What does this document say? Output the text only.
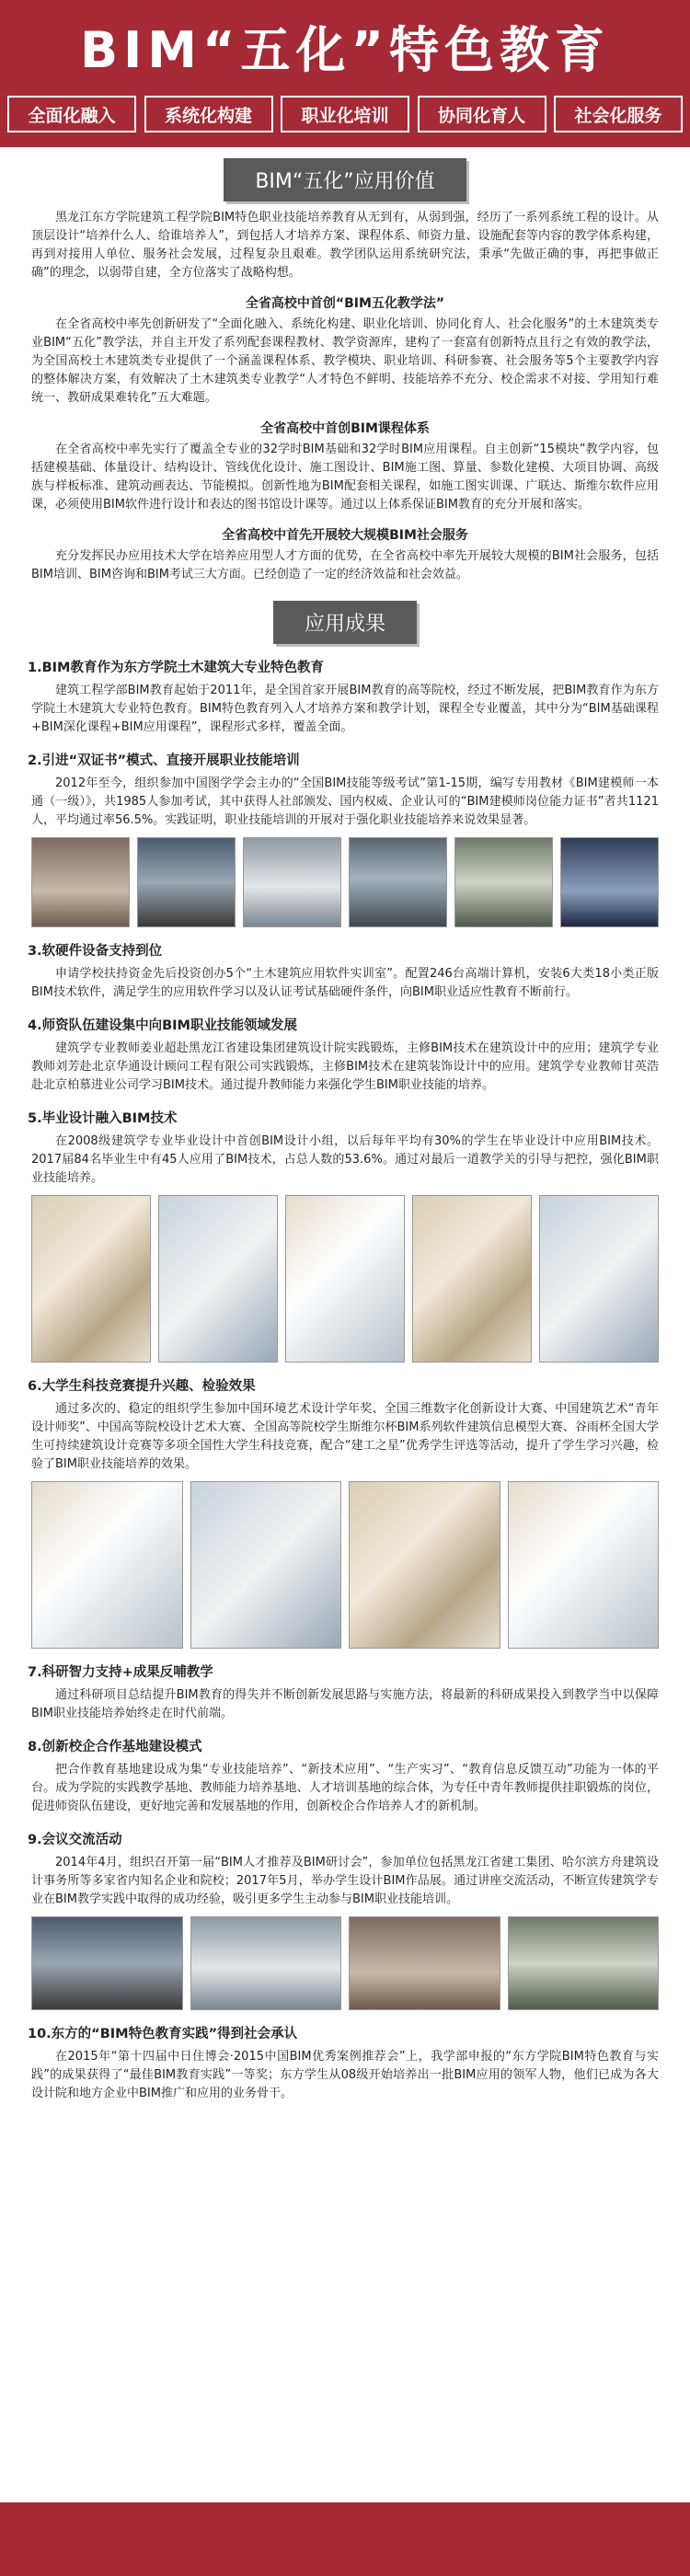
BIM“五化”特色教育
全面化融入	系统化构建	职业化培训	协同化育人	社会化服务
BIM“五化”应用价值

黑龙江东方学院建筑工程学院BIM特色职业技能培养教育从无到有，从弱到强，经历了一系列系统工程的设计。从顶层设计“培养什么人、给谁培养人”，到包括人才培养方案、课程体系、师资力量、设施配套等内容的教学体系构建，再到对接用人单位、服务社会发展，过程复杂且艰难。教学团队运用系统研究法，秉承“先做正确的事，再把事做正确”的理念，以弱带自建，全方位落实了战略构想。

全省高校中首创“BIM五化教学法”

在全省高校中率先创新研发了“全面化融入、系统化构建、职业化培训、协同化育人、社会化服务”的土木建筑类专业BIM“五化”教学法，并自主开发了系列配套课程教材、教学资源库，建构了一套富有创新特点且行之有效的教学法，为全国高校土木建筑类专业提供了一个涵盖课程体系、教学模块、职业培训、科研参赛、社会服务等5个主要教学内容的整体解决方案，有效解决了土木建筑类专业教学“人才特色不鲜明、技能培养不充分、校企需求不对接、学用知行难统一、教研成果难转化”五大难题。

全省高校中首创BIM课程体系

在全省高校中率先实行了覆盖全专业的32学时BIM基础和32学时BIM应用课程。自主创新“15模块”教学内容，包括建模基础、体量设计、结构设计、管线优化设计、施工图设计、BIM施工图、算量、参数化建模、大项目协调、高级族与样板标准、建筑动画表达、节能模拟。创新性地为BIM配套相关课程，如施工图实训课、广联达、斯维尔软件应用课，必须使用BIM软件进行设计和表达的图书馆设计课等。通过以上体系保证BIM教育的充分开展和落实。

全省高校中首先开展较大规模BIM社会服务

充分发挥民办应用技术大学在培养应用型人才方面的优势，在全省高校中率先开展较大规模的BIM社会服务，包括BIM培训、BIM咨询和BIM考试三大方面。已经创造了一定的经济效益和社会效益。

应用成果
1.BIM教育作为东方学院土木建筑大专业特色教育

建筑工程学部BIM教育起始于2011年，是全国首家开展BIM教育的高等院校，经过不断发展，把BIM教育作为东方学院土木建筑大专业特色教育。BIM特色教育列入人才培养方案和教学计划，课程全专业覆盖，其中分为“BIM基础课程+BIM深化课程+BIM应用课程”，课程形式多样，覆盖全面。

2.引进“双证书”模式、直接开展职业技能培训

2012年至今，组织参加中国图学学会主办的“全国BIM技能等级考试”第1-15期，编写专用教材《BIM建模师一本通（一级）》，共1985人参加考试，其中获得人社部颁发、国内权威、企业认可的“BIM建模师岗位能力证书”者共1121人，平均通过率56.5%。实践证明，职业技能培训的开展对于强化职业技能培养来说效果显著。

3.软硬件设备支持到位

申请学校扶持资金先后投资创办5个“土木建筑应用软件实训室”。配置246台高端计算机，安装6大类18小类正版BIM技术软件，满足学生的应用软件学习以及认证考试基础硬件条件，向BIM职业适应性教育不断前行。

4.师资队伍建设集中向BIM职业技能领域发展

建筑学专业教师姜业超赴黑龙江省建设集团建筑设计院实践锻炼，主修BIM技术在建筑设计中的应用；建筑学专业教师刘芳赴北京华通设计顾问工程有限公司实践锻炼，主修BIM技术在建筑装饰设计中的应用。建筑学专业教师甘英浩赴北京柏慕进业公司学习BIM技术。通过提升教师能力来强化学生BIM职业技能的培养。

5.毕业设计融入BIM技术

在2008级建筑学专业毕业设计中首创BIM设计小组，以后每年平均有30%的学生在毕业设计中应用BIM技术。2017届84名毕业生中有45人应用了BIM技术，占总人数的53.6%。通过对最后一道教学关的引导与把控，强化BIM职业技能培养。

6.大学生科技竞赛提升兴趣、检验效果

通过多次的、稳定的组织学生参加中国环境艺术设计学年奖、全国三维数字化创新设计大赛、中国建筑艺术“青年设计师奖”、中国高等院校设计艺术大赛、全国高等院校学生斯维尔杯BIM系列软件建筑信息模型大赛、谷雨杯全国大学生可持续建筑设计竞赛等多项全国性大学生科技竞赛，配合“建工之星”优秀学生评选等活动，提升了学生学习兴趣，检验了BIM职业技能培养的效果。

7.科研智力支持+成果反哺教学

通过科研项目总结提升BIM教育的得失并不断创新发展思路与实施方法，将最新的科研成果投入到教学当中以保障BIM职业技能培养始终走在时代前端。

8.创新校企合作基地建设模式

把合作教育基地建设成为集“专业技能培养”、“新技术应用”、“生产实习”、“教育信息反馈互动”功能为一体的平台。成为学院的实践教学基地、教师能力培养基地、人才培训基地的综合体，为专任中青年教师提供挂职锻炼的岗位，促进师资队伍建设，更好地完善和发展基地的作用，创新校企合作培养人才的新机制。

9.会议交流活动

2014年4月，组织召开第一届“BIM人才推荐及BIM研讨会”，参加单位包括黑龙江省建工集团、哈尔滨方舟建筑设计事务所等多家省内知名企业和院校；2017年5月，举办学生设计BIM作品展。通过讲座交流活动，不断宣传建筑学专业在BIM教学实践中取得的成功经验，吸引更多学生主动参与BIM职业技能培训。

10.东方的“BIM特色教育实践”得到社会承认

在2015年“第十四届中日住博会·2015中国BIM优秀案例推荐会”上，我学部申报的“东方学院BIM特色教育与实践”的成果获得了“最佳BIM教育实践”一等奖；东方学生从08级开始培养出一批BIM应用的领军人物，他们已成为各大设计院和地方企业中BIM推广和应用的业务骨干。
